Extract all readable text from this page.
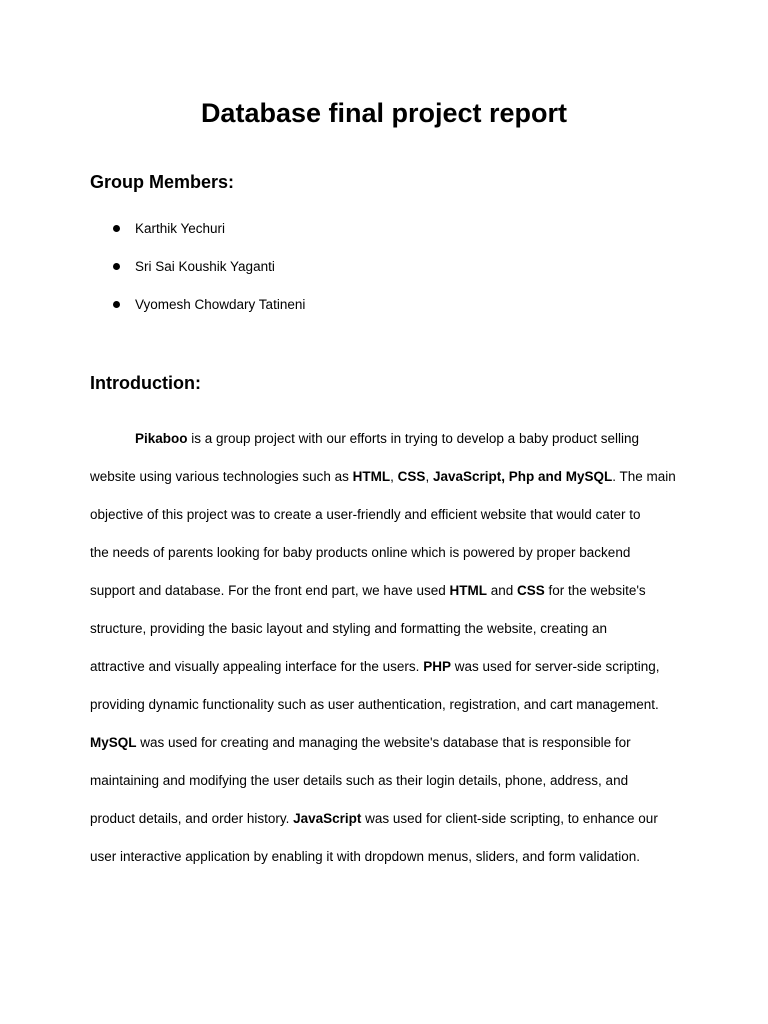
Database final project report
Group Members:
Karthik Yechuri
Sri Sai Koushik Yaganti
Vyomesh Chowdary Tatineni
Introduction:
Pikaboo is a group project with our efforts in trying to develop a baby product selling
website using various technologies such as HTML, CSS, JavaScript, Php and MySQL. The main
objective of this project was to create a user-friendly and efficient website that would cater to
the needs of parents looking for baby products online which is powered by proper backend
support and database. For the front end part, we have used HTML and CSS for the website's
structure, providing the basic layout and styling and formatting the website, creating an
attractive and visually appealing interface for the users. PHP was used for server-side scripting,
providing dynamic functionality such as user authentication, registration, and cart management.
MySQL was used for creating and managing the website's database that is responsible for
maintaining and modifying the user details such as their login details, phone, address, and
product details, and order history. JavaScript was used for client-side scripting, to enhance our
user interactive application by enabling it with dropdown menus, sliders, and form validation.
